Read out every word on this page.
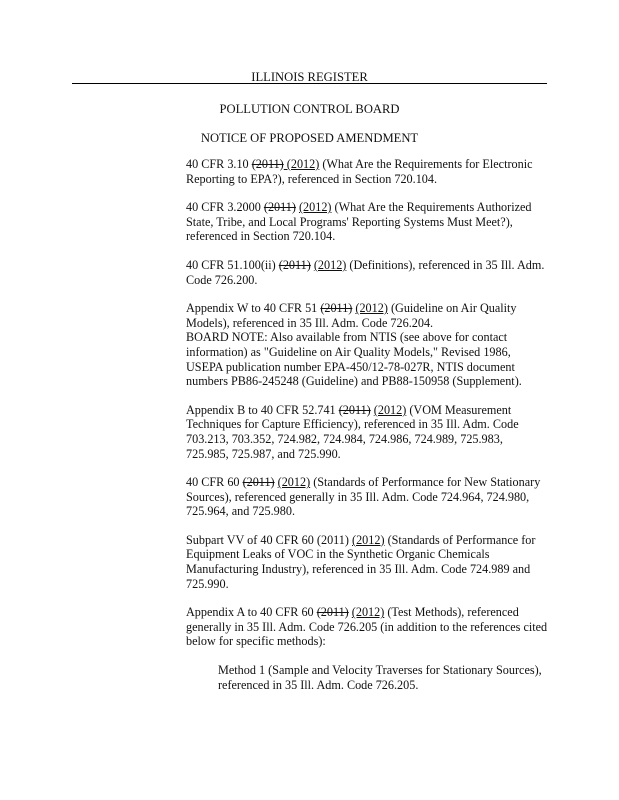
ILLINOIS REGISTER
POLLUTION CONTROL BOARD
NOTICE OF PROPOSED AMENDMENT

40 CFR 3.10 (2011) (2012) (What Are the Requirements for Electronic Reporting to EPA?), referenced in Section 720.104.

40 CFR 3.2000 (2011) (2012) (What Are the Requirements Authorized State, Tribe, and Local Programs' Reporting Systems Must Meet?), referenced in Section 720.104.

40 CFR 51.100(ii) (2011) (2012) (Definitions), referenced in 35 Ill. Adm. Code 726.200.

Appendix W to 40 CFR 51 (2011) (2012) (Guideline on Air Quality Models), referenced in 35 Ill. Adm. Code 726.204.

BOARD NOTE: Also available from NTIS (see above for contact information) as "Guideline on Air Quality Models," Revised 1986, USEPA publication number EPA-450/12-78-027R, NTIS document numbers PB86-245248 (Guideline) and PB88-150958 (Supplement).

Appendix B to 40 CFR 52.741 (2011) (2012) (VOM Measurement Techniques for Capture Efficiency), referenced in 35 Ill. Adm. Code 703.213, 703.352, 724.982, 724.984, 724.986, 724.989, 725.983, 725.985, 725.987, and 725.990.

40 CFR 60 (2011) (2012) (Standards of Performance for New Stationary Sources), referenced generally in 35 Ill. Adm. Code 724.964, 724.980, 725.964, and 725.980.

Subpart VV of 40 CFR 60 (2011) (2012) (Standards of Performance for Equipment Leaks of VOC in the Synthetic Organic Chemicals Manufacturing Industry), referenced in 35 Ill. Adm. Code 724.989 and 725.990.

Appendix A to 40 CFR 60 (2011) (2012) (Test Methods), referenced generally in 35 Ill. Adm. Code 726.205 (in addition to the references cited below for specific methods):

Method 1 (Sample and Velocity Traverses for Stationary Sources), referenced in 35 Ill. Adm. Code 726.205.
